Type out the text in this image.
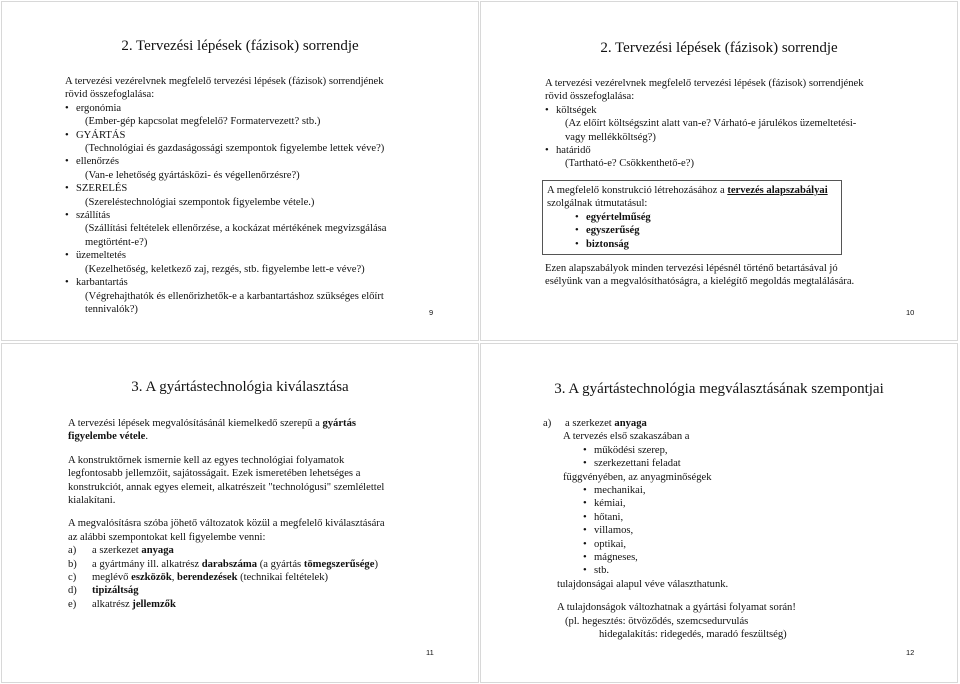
2. Tervezési lépések (fázisok) sorrendje
A tervezési vezérelvnek megfelelő tervezési lépések (fázisok) sorrendjének
rövid összefoglalása:
• ergonómia
(Ember-gép kapcsolat megfelelő? Formatervezett? stb.)
• GYÁRTÁS
(Technológiai és gazdaságossági szempontok figyelembe lettek véve?)
• ellenőrzés
(Van-e lehetőség gyártásközi- és végellenőrzésre?)
• SZERELÉS
(Szereléstechnológiai szempontok figyelembe vétele.)
• szállítás
(Szállítási feltételek ellenőrzése, a kockázat mértékének megvizsgálása
megtörtént-e?)
• üzemeltetés
(Kezelhetőség, keletkező zaj, rezgés, stb. figyelembe lett-e véve?)
• karbantartás
(Végrehajthatók és ellenőrizhetők-e a karbantartáshoz szükséges előírt
tennivalók?)	9
2. Tervezési lépések (fázisok) sorrendje
A tervezési vezérelvnek megfelelő tervezési lépések (fázisok) sorrendjének
rövid összefoglalása:
• költségek
(Az előírt költségszint alatt van-e? Várható-e járulékos üzemeltetési-
vagy mellékköltség?)
• határidő
(Tartható-e? Csökkenthető-e?)
A megfelelő konstrukció létrehozásához a tervezés alapszabályai
szolgálnak útmutatásul:
• egyértelműség
• egyszerűség
• biztonság
Ezen alapszabályok minden tervezési lépésnél történő betartásával jó
esélyünk van a megvalósíthatóságra, a kielégítő megoldás megtalálására.
10
3. A gyártástechnológia kiválasztása
A tervezési lépések megvalósításánál kiemelkedő szerepű a gyártás
figyelembe vétele.
A konstruktőrnek ismernie kell az egyes technológiai folyamatok
legfontosabb jellemzőit, sajátosságait. Ezek ismeretében lehetséges a
konstrukciót, annak egyes elemeit, alkatrészeit "technológusi" szemlélettel
kialakítani.
A megvalósításra szóba jöhető változatok közül a megfelelő kiválasztására
az alábbi szempontokat kell figyelembe venni:
a) a szerkezet anyaga
b) a gyártmány ill. alkatrész darabszáma (a gyártás tömegszerűsége)
c) meglévő eszközök, berendezések (technikai feltételek)
d) tipizáltság
e) alkatrész jellemzők
11
3. A gyártástechnológia megválasztásának szempontjai
a) a szerkezet anyaga
A tervezés első szakaszában a
• működési szerep,
• szerkezettani feladat
függvényében, az anyagminőségek
• mechanikai,
• kémiai,
• hőtani,
• villamos,
• optikai,
• mágneses,
• stb.
tulajdonságai alapul véve választhatunk.
A tulajdonságok változhatnak a gyártási folyamat során!
(pl. hegesztés: ötvöződés, szemcsedurvulás
hidegalakítás: ridegedés, maradó feszültség)
12
